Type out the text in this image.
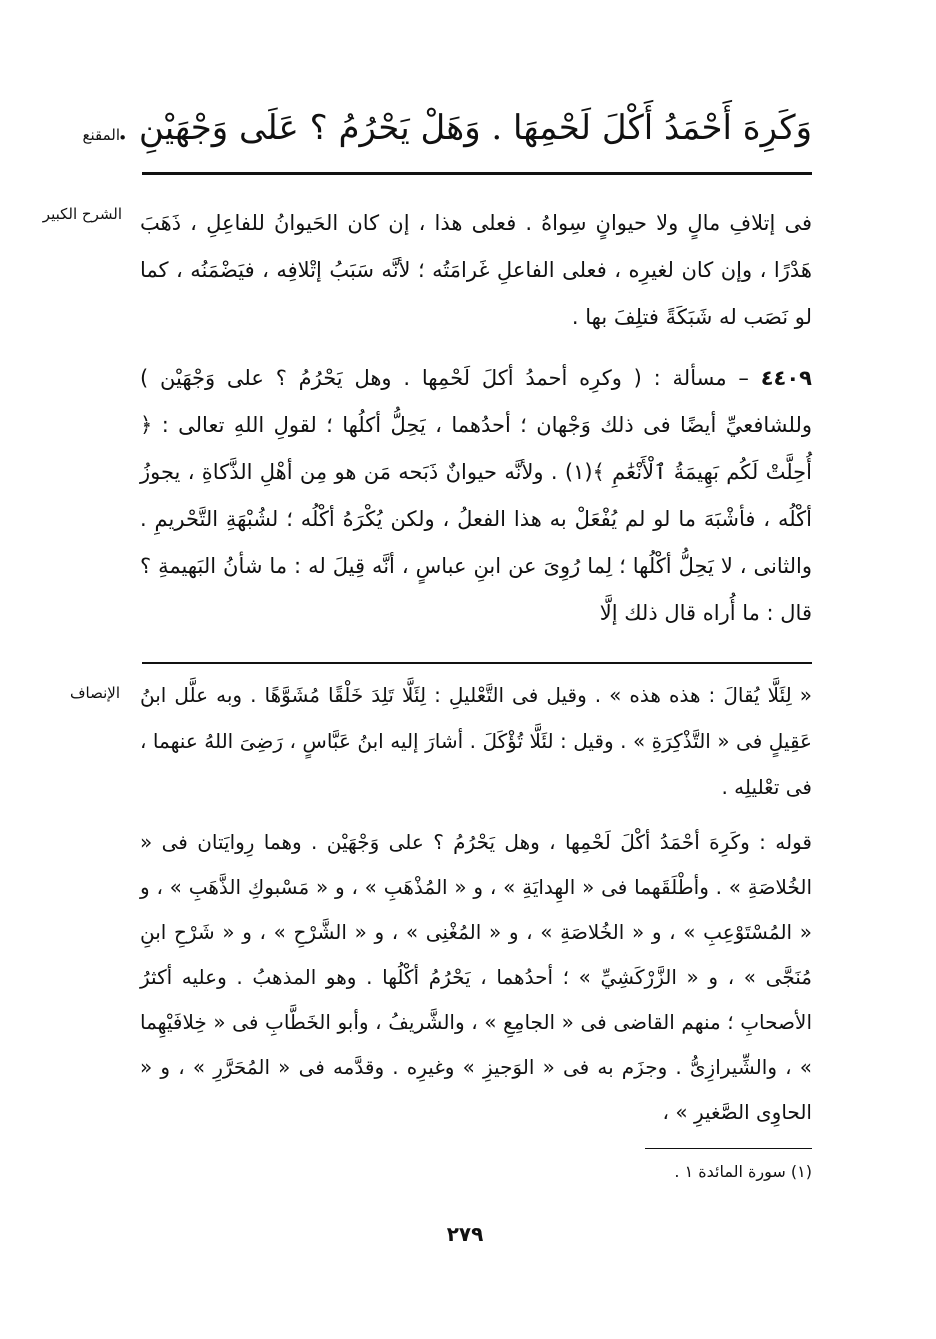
المقنع
الشرح الكبير
الإنصاف
وَكَرِهَ أَحْمَدُ أَكْلَ لَحْمِهَا . وَهَلْ يَحْرُمُ ؟ عَلَى وَجْهَيْنِ .

فى إتلافِ مالٍ ولا حيوانٍ سِواهُ . فعلى هذا ، إن كان الحَيوانُ للفاعِلِ ، ذَهَبَ هَدْرًا ، وإن كان لغيرِه ، فعلى الفاعلِ غَرامَتُه ؛ لأنَّه سَبَبُ إتْلافِه ، فيَضْمَنُه ، كما لو نَصَب له شَبَكَةً فتلِفَ بها .

٤٤٠٩ – مسألة : ( وكرِه أحمدُ أكلَ لَحْمِها . وهل يَحْرُمُ ؟ على وَجْهَيْن ) وللشافعيِّ أيضًا فى ذلك وَجْهان ؛ أحدُهما ، يَحِلُّ أكلُها ؛ لقولِ اللهِ تعالى : ﴿ أُحِلَّتْ لَكُم بَهِيمَةُ ٱلْأَنْعَٰمِ ﴾(١) . ولأنَّه حيوانٌ ذَبَحه مَن هو مِن أهْلِ الذَّكاةِ ، يجوزُ أكْلُه ، فأشْبَهَ ما لو لم يُفْعَلْ به هذا الفعلُ ، ولكن يُكْرَهُ أكْلُه ؛ لشُبْهَةِ التَّحْريمِ . والثانى ، لا يَحِلُّ أكْلُها ؛ لِما رُوِىَ عن ابنِ عباسٍ ، أنَّه قِيلَ له : ما شأنُ البَهيمةِ ؟ قال : ما أُراه قال ذلك إلَّا

« لِئَلَّا يُقالَ : هذه هذه » . وقيل فى التَّعْليلِ : لِئَلَّا تَلِدَ خَلْقًا مُشَوَّهًا . وبه علَّل ابنُ عَقِيلٍ فى « التَّذْكِرَةِ » . وقيل : لئَلَّا تُؤْكَلَ . أشارَ إليه ابنُ عَبَّاسٍ ، رَضِىَ اللهُ عنهما ، فى تعْليلِه .

قوله : وكَرِهَ أحْمَدُ أكْلَ لَحْمِها ، وهل يَحْرُمُ ؟ على وَجْهَيْن . وهما رِوايَتان فى « الخُلاصَةِ » . وأطْلَقَهما فى « الهِدايَةِ » ، و « المُذْهَبِ » ، و « مَسْبوكِ الذَّهَبِ » ، و « المُسْتَوْعِبِ » ، و « الخُلاصَةِ » ، و « المُغْنِى » ، و « الشَّرْحِ » ، و « شَرْحِ ابنِ مُنَجَّى » ، و « الزَّرْكَشِيِّ » ؛ أحدُهما ، يَحْرُمُ أكْلُها . وهو المذهبُ . وعليه أكثرُ الأصحابِ ؛ منهم القاضى فى « الجامِعِ » ، والشَّريفُ ، وأبو الخَطَّابِ فى « خِلافَيْهِما » ، والشِّيرازِىُّ . وجزَم به فى « الوَجيزِ » وغيرِه . وقدَّمه فى « المُحَرَّرِ » ، و « الحاوِى الصَّغيرِ » ،

(١) سورة المائدة ١ .
٢٧٩
